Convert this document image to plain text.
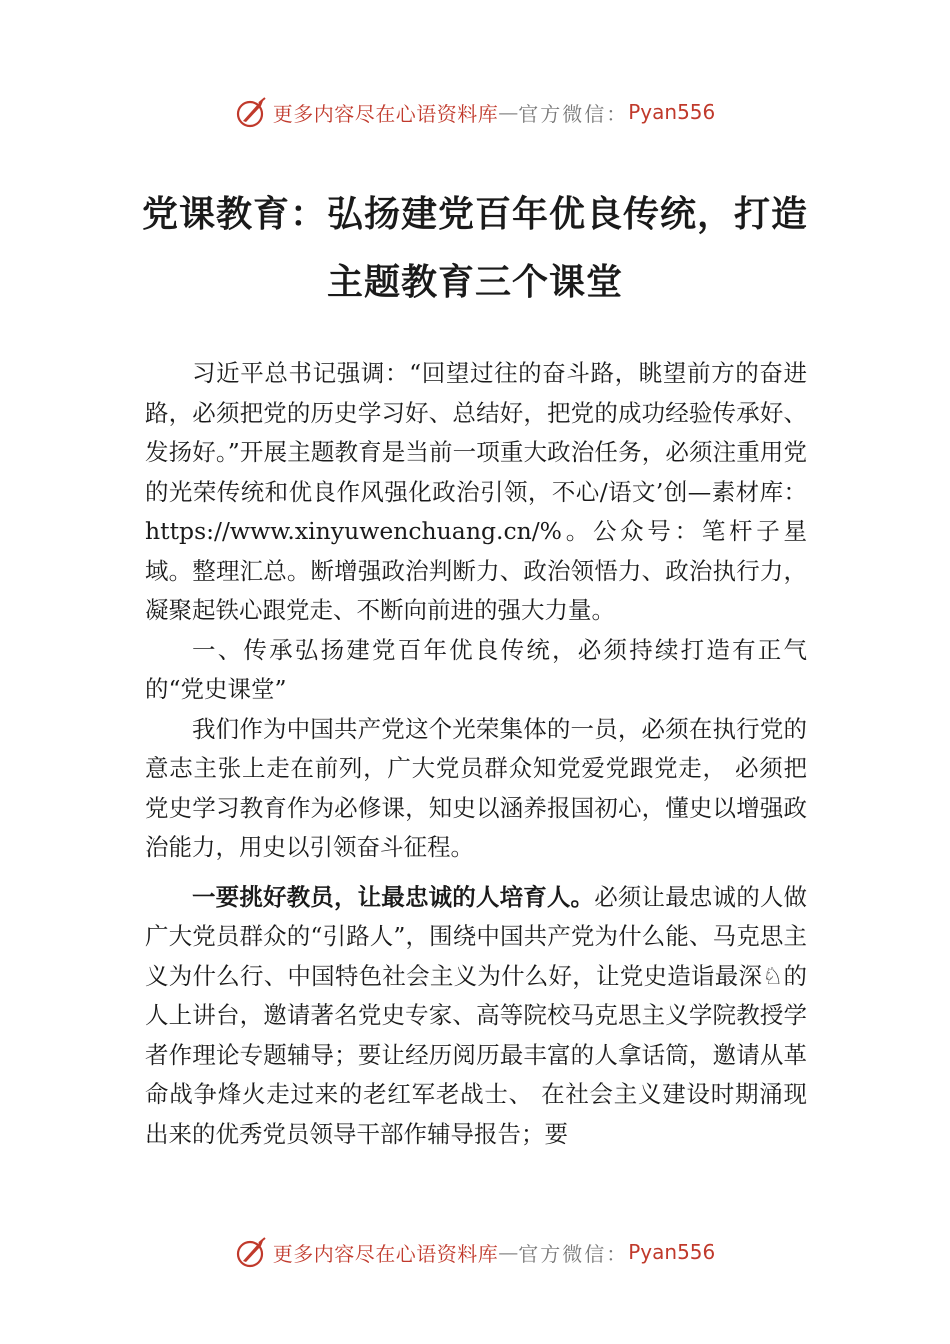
更多内容尽在心语资料库 — 官方微信： Pyan556
党课教育：弘扬建党百年优良传统，打造
主题教育三个课堂

习近平总书记强调：“回望过往的奋斗路，眺望前方的奋进路，必须把党的历史学习好、总结好，把党的成功经验传承好、发扬好。”开展主题教育是当前一项重大政治任务，必须注重用党的光荣传统和优良作风强化政治引领，不心/语文’创—素材库：https://www.xinyuwenchuang.cn/%。公众号：笔杆子星域。整理汇总。断增强政治判断力、政治领悟力、政治执行力，凝聚起铁心跟党走、不断向前进的强大力量。

一、传承弘扬建党百年优良传统，必须持续打造有正气的“党史课堂”

我们作为中国共产党这个光荣集体的一员，必须在执行党的意志主张上走在前列，广大党员群众知党爱党跟党走， 必须把党史学习教育作为必修课，知史以涵养报国初心，懂史以增强政治能力，用史以引领奋斗征程。

一要挑好教员，让最忠诚的人培育人。必须让最忠诚的人做广大党员群众的“引路人”，围绕中国共产党为什么能、马克思主义为什么行、中国特色社会主义为什么好，让党史造诣最深♘的人上讲台，邀请著名党史专家、高等院校马克思主义学院教授学者作理论专题辅导；要让经历阅历最丰富的人拿话筒，邀请从革命战争烽火走过来的老红军老战士、 在社会主义建设时期涌现出来的优秀党员领导干部作辅导报告；要

更多内容尽在心语资料库 — 官方微信： Pyan556
